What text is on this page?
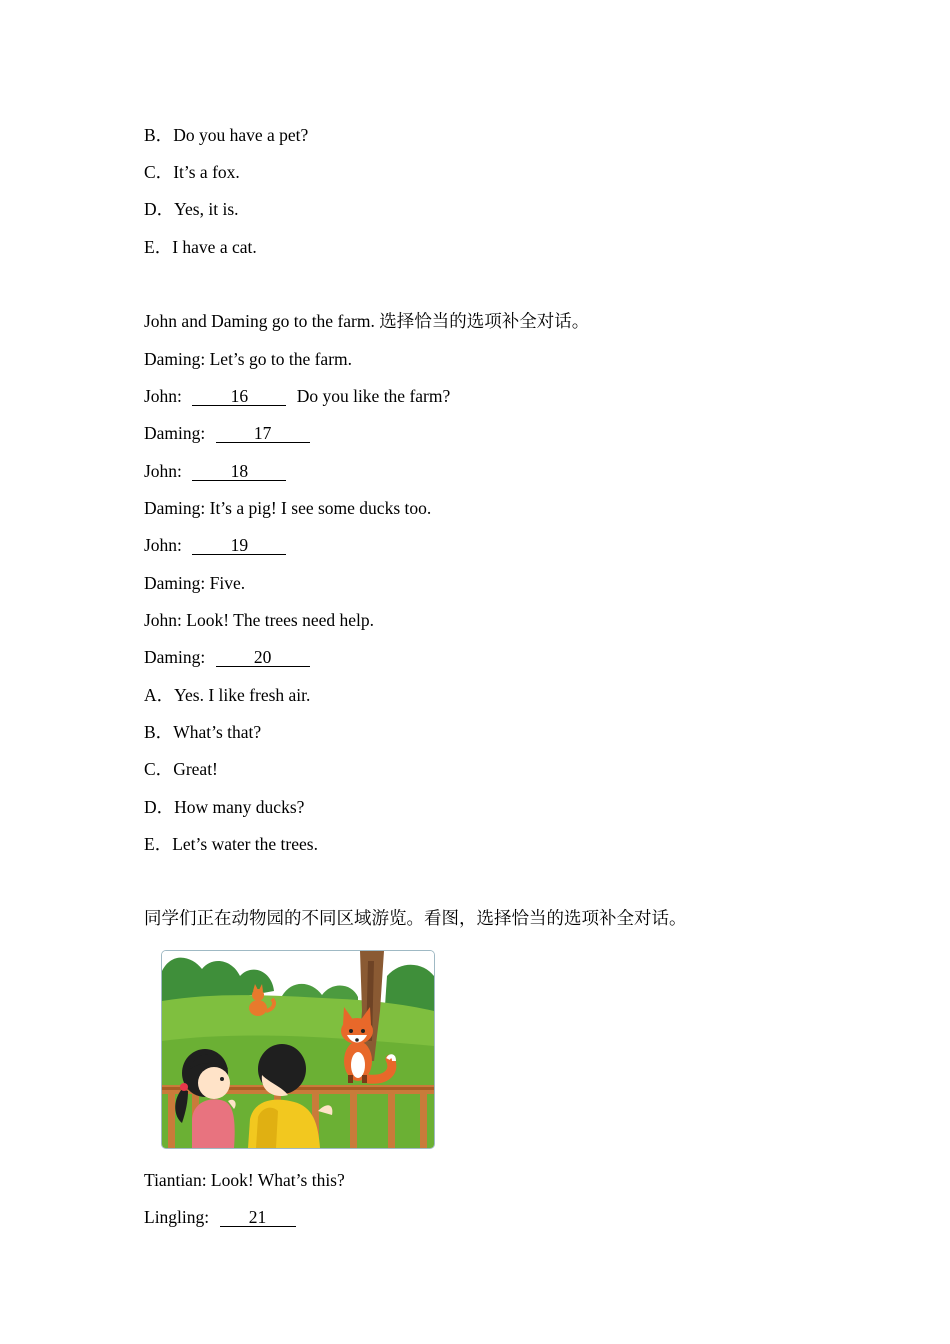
B．Do you have a pet?
C．It’s a fox.
D．Yes, it is.
E．I have a cat.
John and Daming go to the farm. 选择恰当的选项补全对话。
Daming: Let’s go to the farm.
John:	16	Do you like the farm?
Daming:	17
John:	18
Daming: It’s a pig! I see some ducks too.
John:	19
Daming: Five.
John: Look! The trees need help.
Daming:	20
A．Yes. I like fresh air.
B．What’s that?
C．Great!
D．How many ducks?
E．Let’s water the trees.
同学们正在动物园的不同区域游览。看图，选择恰当的选项补全对话。
Tiantian: Look! What’s this?
Lingling: 21
